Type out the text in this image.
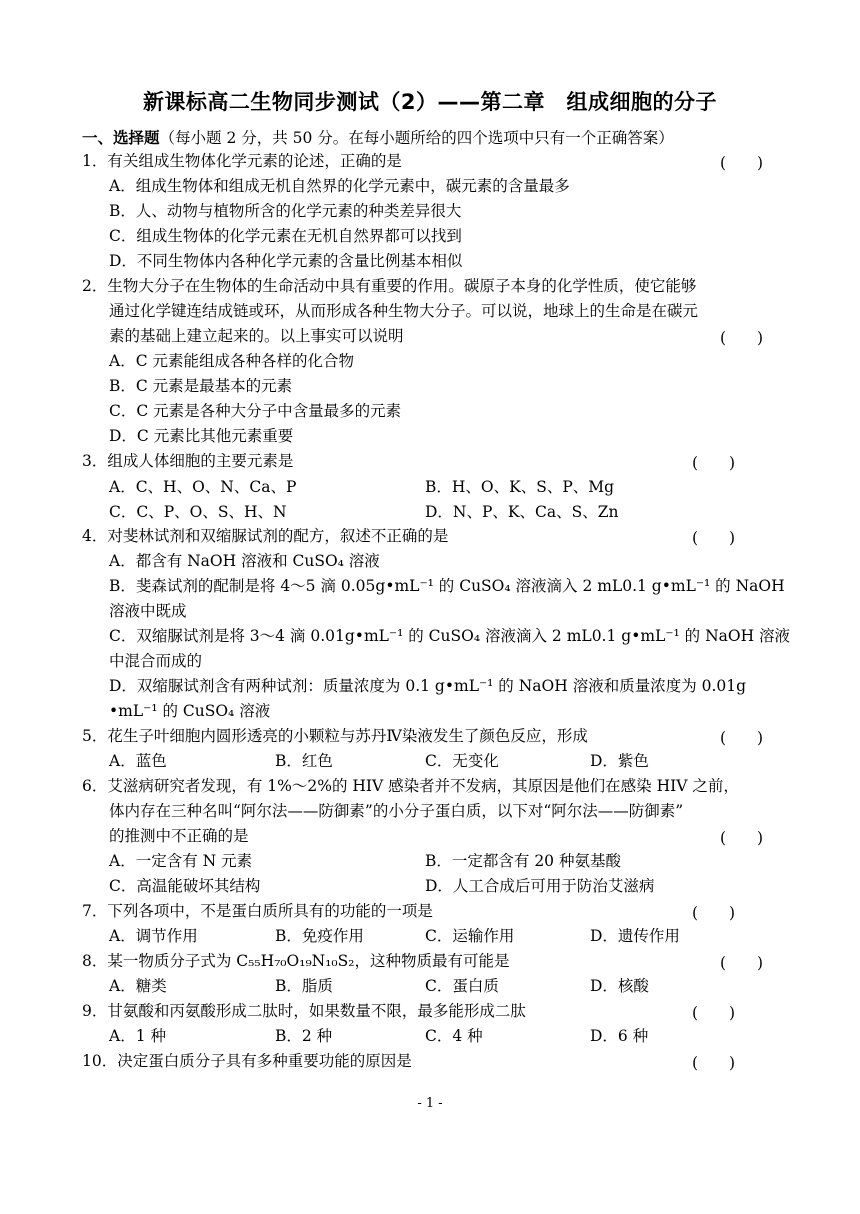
新课标高二生物同步测试（2）——第二章　组成细胞的分子
一、选择题（每小题 2 分，共 50 分。在每小题所给的四个选项中只有一个正确答案）
1．有关组成生物体化学元素的论述，正确的是	(　　)
A．组成生物体和组成无机自然界的化学元素中，碳元素的含量最多
B．人、动物与植物所含的化学元素的种类差异很大
C．组成生物体的化学元素在无机自然界都可以找到
D．不同生物体内各种化学元素的含量比例基本相似
2．生物大分子在生物体的生命活动中具有重要的作用。碳原子本身的化学性质，使它能够
通过化学键连结成链或环，从而形成各种生物大分子。可以说，地球上的生命是在碳元
素的基础上建立起来的。以上事实可以说明	(　　)
A．C 元素能组成各种各样的化合物
B．C 元素是最基本的元素
C．C 元素是各种大分子中含量最多的元素
D．C 元素比其他元素重要
3．组成人体细胞的主要元素是	(　　)
A．C、H、O、N、Ca、P	B．H、O、K、S、P、Mg
C．C、P、O、S、H、N	D．N、P、K、Ca、S、Zn
4．对斐林试剂和双缩脲试剂的配方，叙述不正确的是	(　　)
A．都含有 NaOH 溶液和 CuSO₄ 溶液
B．斐森试剂的配制是将 4～5 滴 0.05g•mL⁻¹ 的 CuSO₄ 溶液滴入 2 mL0.1 g•mL⁻¹ 的 NaOH
溶液中既成
C．双缩脲试剂是将 3～4 滴 0.01g•mL⁻¹ 的 CuSO₄ 溶液滴入 2 mL0.1 g•mL⁻¹ 的 NaOH 溶液
中混合而成的
D．双缩脲试剂含有两种试剂：质量浓度为 0.1 g•mL⁻¹ 的 NaOH 溶液和质量浓度为 0.01g
•mL⁻¹ 的 CuSO₄ 溶液
5．花生子叶细胞内圆形透亮的小颗粒与苏丹Ⅳ染液发生了颜色反应，形成	(　　)
A．蓝色	B．红色	C．无变化	D．紫色
6．艾滋病研究者发现，有 1%～2%的 HIV 感染者并不发病，其原因是他们在感染 HIV 之前，
体内存在三种名叫“阿尔法——防御素”的小分子蛋白质，以下对“阿尔法——防御素”
的推测中不正确的是	(　　)
A．一定含有 N 元素	B．一定都含有 20 种氨基酸
C．高温能破坏其结构	D．人工合成后可用于防治艾滋病
7．下列各项中，不是蛋白质所具有的功能的一项是	(　　)
A．调节作用	B．免疫作用	C．运输作用	D．遗传作用
8．某一物质分子式为 C₅₅H₇₀O₁₉N₁₀S₂，这种物质最有可能是	(　　)
A．糖类	B．脂质	C．蛋白质	D．核酸
9．甘氨酸和丙氨酸形成二肽时，如果数量不限，最多能形成二肽	(　　)
A．1 种	B．2 种	C．4 种	D．6 种
10．决定蛋白质分子具有多种重要功能的原因是	(　　)
- 1 -
